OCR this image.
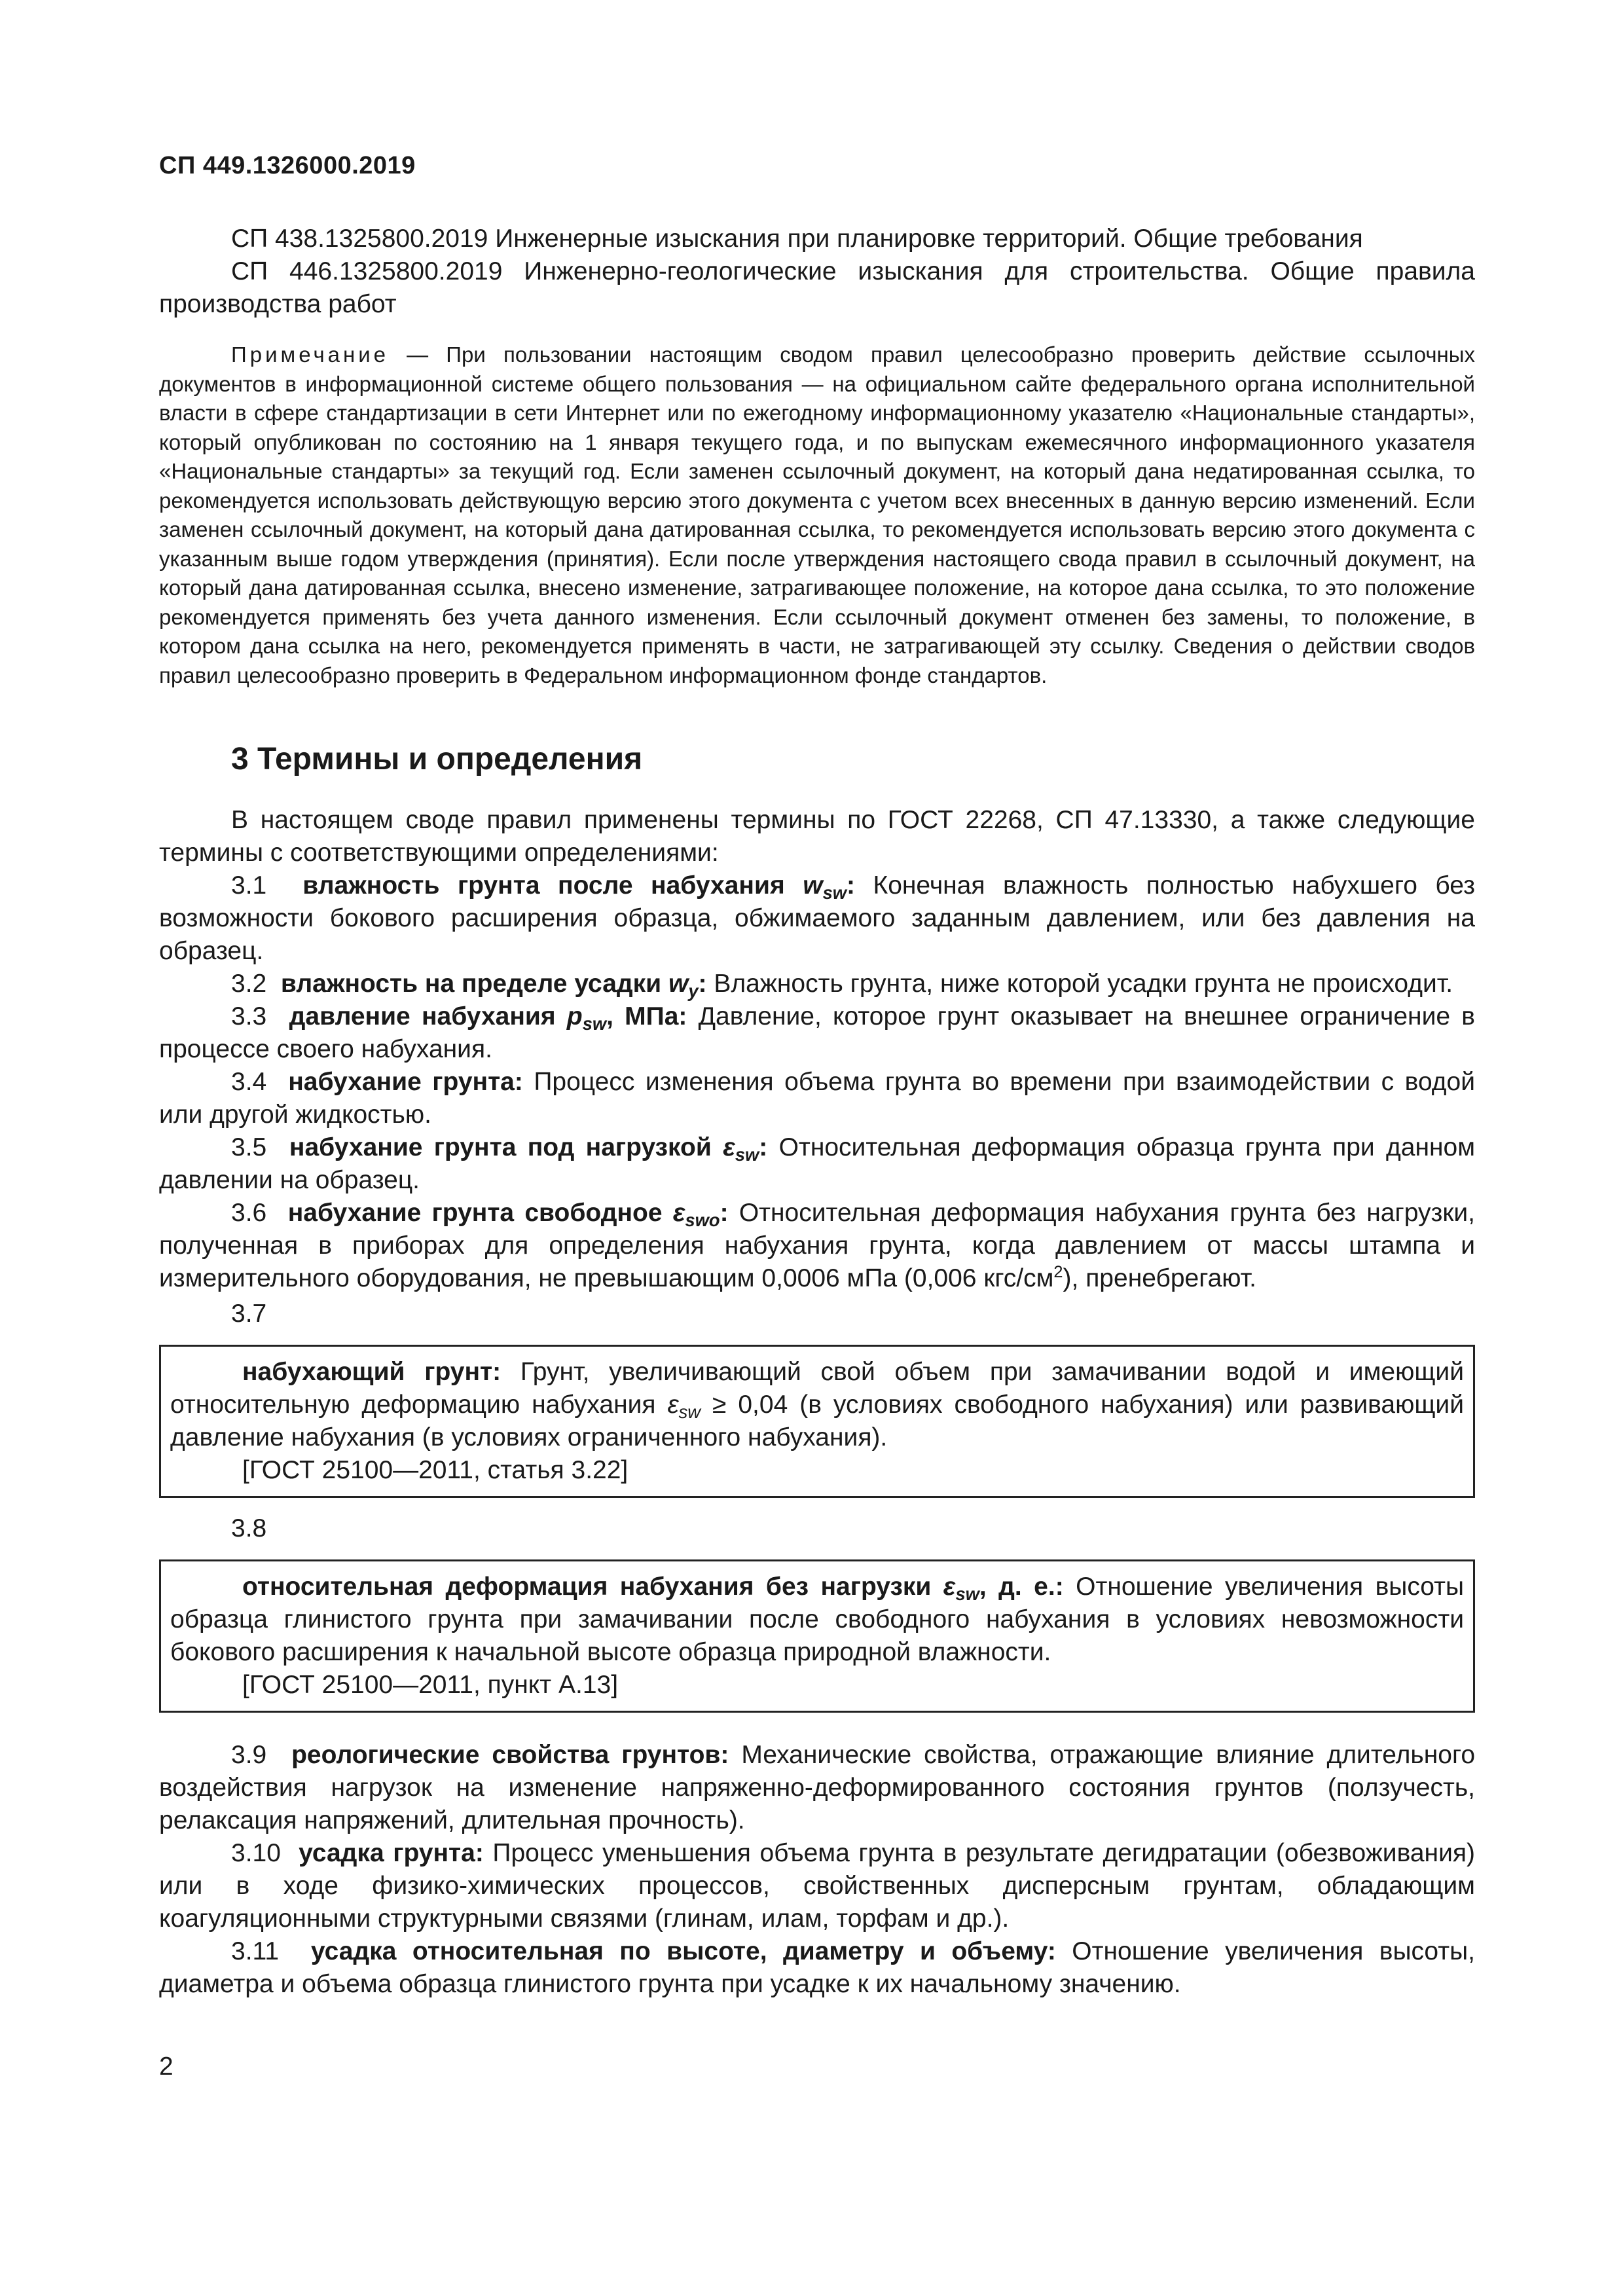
СП 449.1326000.2019

СП 438.1325800.2019 Инженерные изыскания при планировке территорий. Общие требования

СП 446.1325800.2019 Инженерно-геологические изыскания для строительства. Общие правила производства работ

Примечание — При пользовании настоящим сводом правил целесообразно проверить действие ссылочных документов в информационной системе общего пользования — на официальном сайте федерального органа исполнительной власти в сфере стандартизации в сети Интернет или по ежегодному информационному указателю «Национальные стандарты», который опубликован по состоянию на 1 января текущего года, и по выпускам ежемесячного информационного указателя «Национальные стандарты» за текущий год. Если заменен ссылочный документ, на который дана недатированная ссылка, то рекомендуется использовать действующую версию этого документа с учетом всех внесенных в данную версию изменений. Если заменен ссылочный документ, на который дана датированная ссылка, то рекомендуется использовать версию этого документа с указанным выше годом утверждения (принятия). Если после утверждения настоящего свода правил в ссылочный документ, на который дана датированная ссылка, внесено изменение, затрагивающее положение, на которое дана ссылка, то это положение рекомендуется применять без учета данного изменения. Если ссылочный документ отменен без замены, то положение, в котором дана ссылка на него, рекомендуется применять в части, не затрагивающей эту ссылку. Сведения о действии сводов правил целесообразно проверить в Федеральном информационном фонде стандартов.

3 Термины и определения

В настоящем своде правил применены термины по ГОСТ 22268, СП 47.13330, а также следующие термины с соответствующими определениями:

3.1 влажность грунта после набухания $w_{sw}$: Конечная влажность полностью набухшего без возможности бокового расширения образца, обжимаемого заданным давлением, или без давления на образец.

3.2 влажность на пределе усадки $w_y$: Влажность грунта, ниже которой усадки грунта не происходит.

3.3 давление набухания $p_{sw}$, МПа: Давление, которое грунт оказывает на внешнее ограничение в процессе своего набухания.

3.4 набухание грунта: Процесс изменения объема грунта во времени при взаимодействии с водой или другой жидкостью.

3.5 набухание грунта под нагрузкой $\varepsilon_{sw}$: Относительная деформация образца грунта при данном давлении на образец.

3.6 набухание грунта свободное $\varepsilon_{swo}$: Относительная деформация набухания грунта без нагрузки, полученная в приборах для определения набухания грунта, когда давлением от массы штампа и измерительного оборудования, не превышающим 0,0006 мПа (0,006 кгс/$см^2$), пренебрегают.

3.7

набухающий грунт: Грунт, увеличивающий свой объем при замачивании водой и имеющий относительную деформацию набухания $\varepsilon_{sw} \ge 0,04$ (в условиях свободного набухания) или развивающий давление набухания (в условиях ограниченного набухания).

[ГОСТ 25100—2011, статья 3.22]

3.8

относительная деформация набухания без нагрузки $\varepsilon_{sw}$, д. е.: Отношение увеличения высоты образца глинистого грунта при замачивании после свободного набухания в условиях невозможности бокового расширения к начальной высоте образца природной влажности.

[ГОСТ 25100—2011, пункт А.13]

3.9 реологические свойства грунтов: Механические свойства, отражающие влияние длительного воздействия нагрузок на изменение напряженно-деформированного состояния грунтов (ползучесть, релаксация напряжений, длительная прочность).

3.10 усадка грунта: Процесс уменьшения объема грунта в результате дегидратации (обезвоживания) или в ходе физико-химических процессов, свойственных дисперсным грунтам, обладающим коагуляционными структурными связями (глинам, илам, торфам и др.).

3.11 усадка относительная по высоте, диаметру и объему: Отношение увеличения высоты, диаметра и объема образца глинистого грунта при усадке к их начальному значению.

2
